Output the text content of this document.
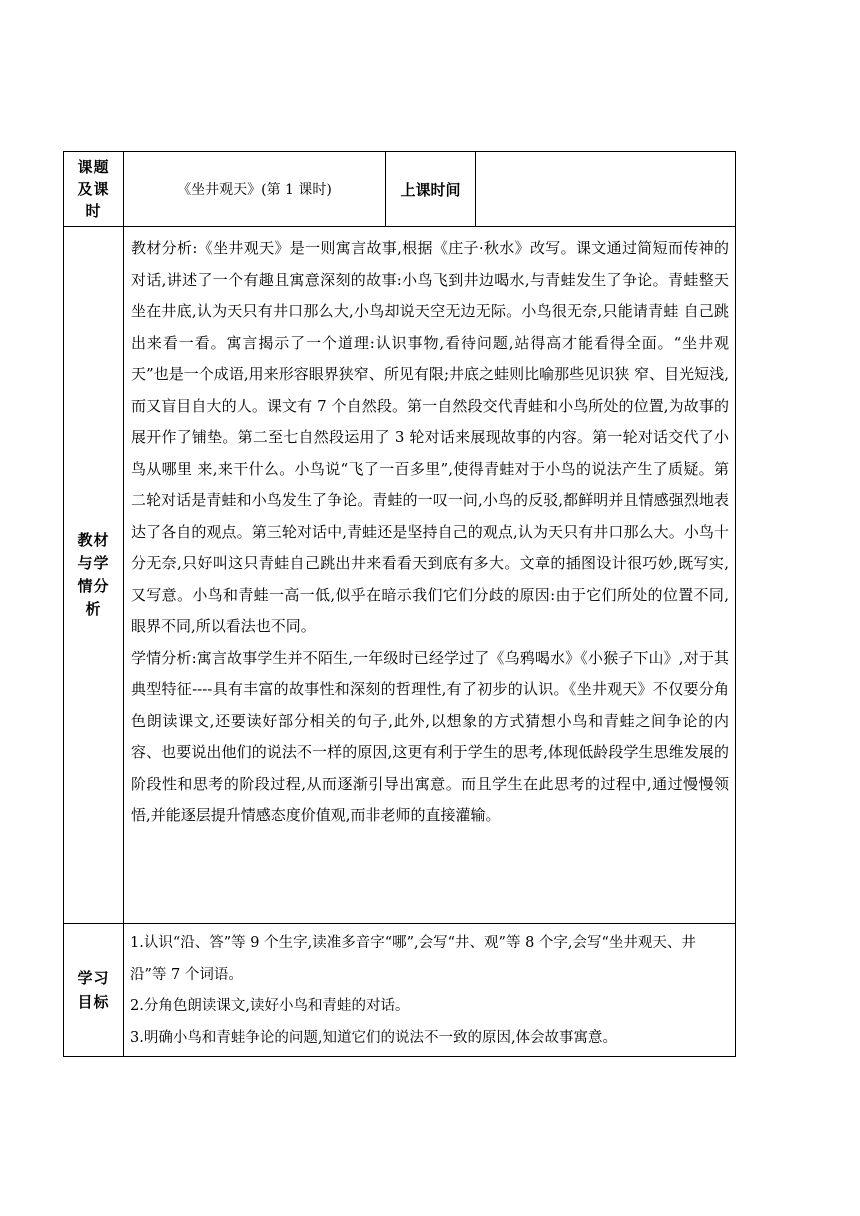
课题及课时	《坐井观天》(第 1 课时)	上课时间	
教材与学情分析	教材分析:《坐井观天》是一则寓言故事,根据《庄子·秋水》改写。课文通过简短而传神的对话,讲述了一个有趣且寓意深刻的故事:小鸟飞到井边喝水,与青蛙发生了争论。青蛙整天坐在井底,认为天只有井口那么大,小鸟却说天空无边无际。小鸟很无奈,只能请青蛙 自己跳出来看一看。寓言揭示了一个道理:认识事物,看待问题,站得高才能看得全面。“坐井观天”也是一个成语,用来形容眼界狭窄、所见有限;井底之蛙则比喻那些见识狭 窄、目光短浅,而又盲目自大的人。课文有 7 个自然段。第一自然段交代青蛙和小鸟所处的位置,为故事的展开作了铺垫。第二至七自然段运用了 3 轮对话来展现故事的内容。第一轮对话交代了小鸟从哪里 来,来干什么。小鸟说“飞了一百多里”,使得青蛙对于小鸟的说法产生了质疑。第二轮对话是青蛙和小鸟发生了争论。青蛙的一叹一问,小鸟的反驳,都鲜明并且情感强烈地表 达了各自的观点。第三轮对话中,青蛙还是坚持自己的观点,认为天只有井口那么大。小鸟十分无奈,只好叫这只青蛙自己跳出井来看看天到底有多大。文章的插图设计很巧妙,既写实,又写意。小鸟和青蛙一高一低,似乎在暗示我们它们分歧的原因:由于它们所处的位置不同,眼界不同,所以看法也不同。

学情分析:寓言故事学生并不陌生,一年级时已经学过了《乌鸦喝水》《小猴子下山》,对于其典型特征----具有丰富的故事性和深刻的哲理性,有了初步的认识。《坐井观天》不仅要分角色朗读课文,还要读好部分相关的句子,此外,以想象的方式猜想小鸟和青蛙之间争论的内容、也要说出他们的说法不一样的原因,这更有利于学生的思考,体现低龄段学生思维发展的阶段性和思考的阶段过程,从而逐渐引导出寓意。而且学生在此思考的过程中,通过慢慢领悟,并能逐层提升情感态度价值观,而非老师的直接灌输。		

学习目标	1.认识“沿、答”等 9 个生字,读准多音字“哪”,会写“井、观”等 8 个字,会写“坐井观天、井沿”等 7 个词语。

2.分角色朗读课文,读好小鸟和青蛙的对话。

3.明确小鸟和青蛙争论的问题,知道它们的说法不一致的原因,体会故事寓意。		
